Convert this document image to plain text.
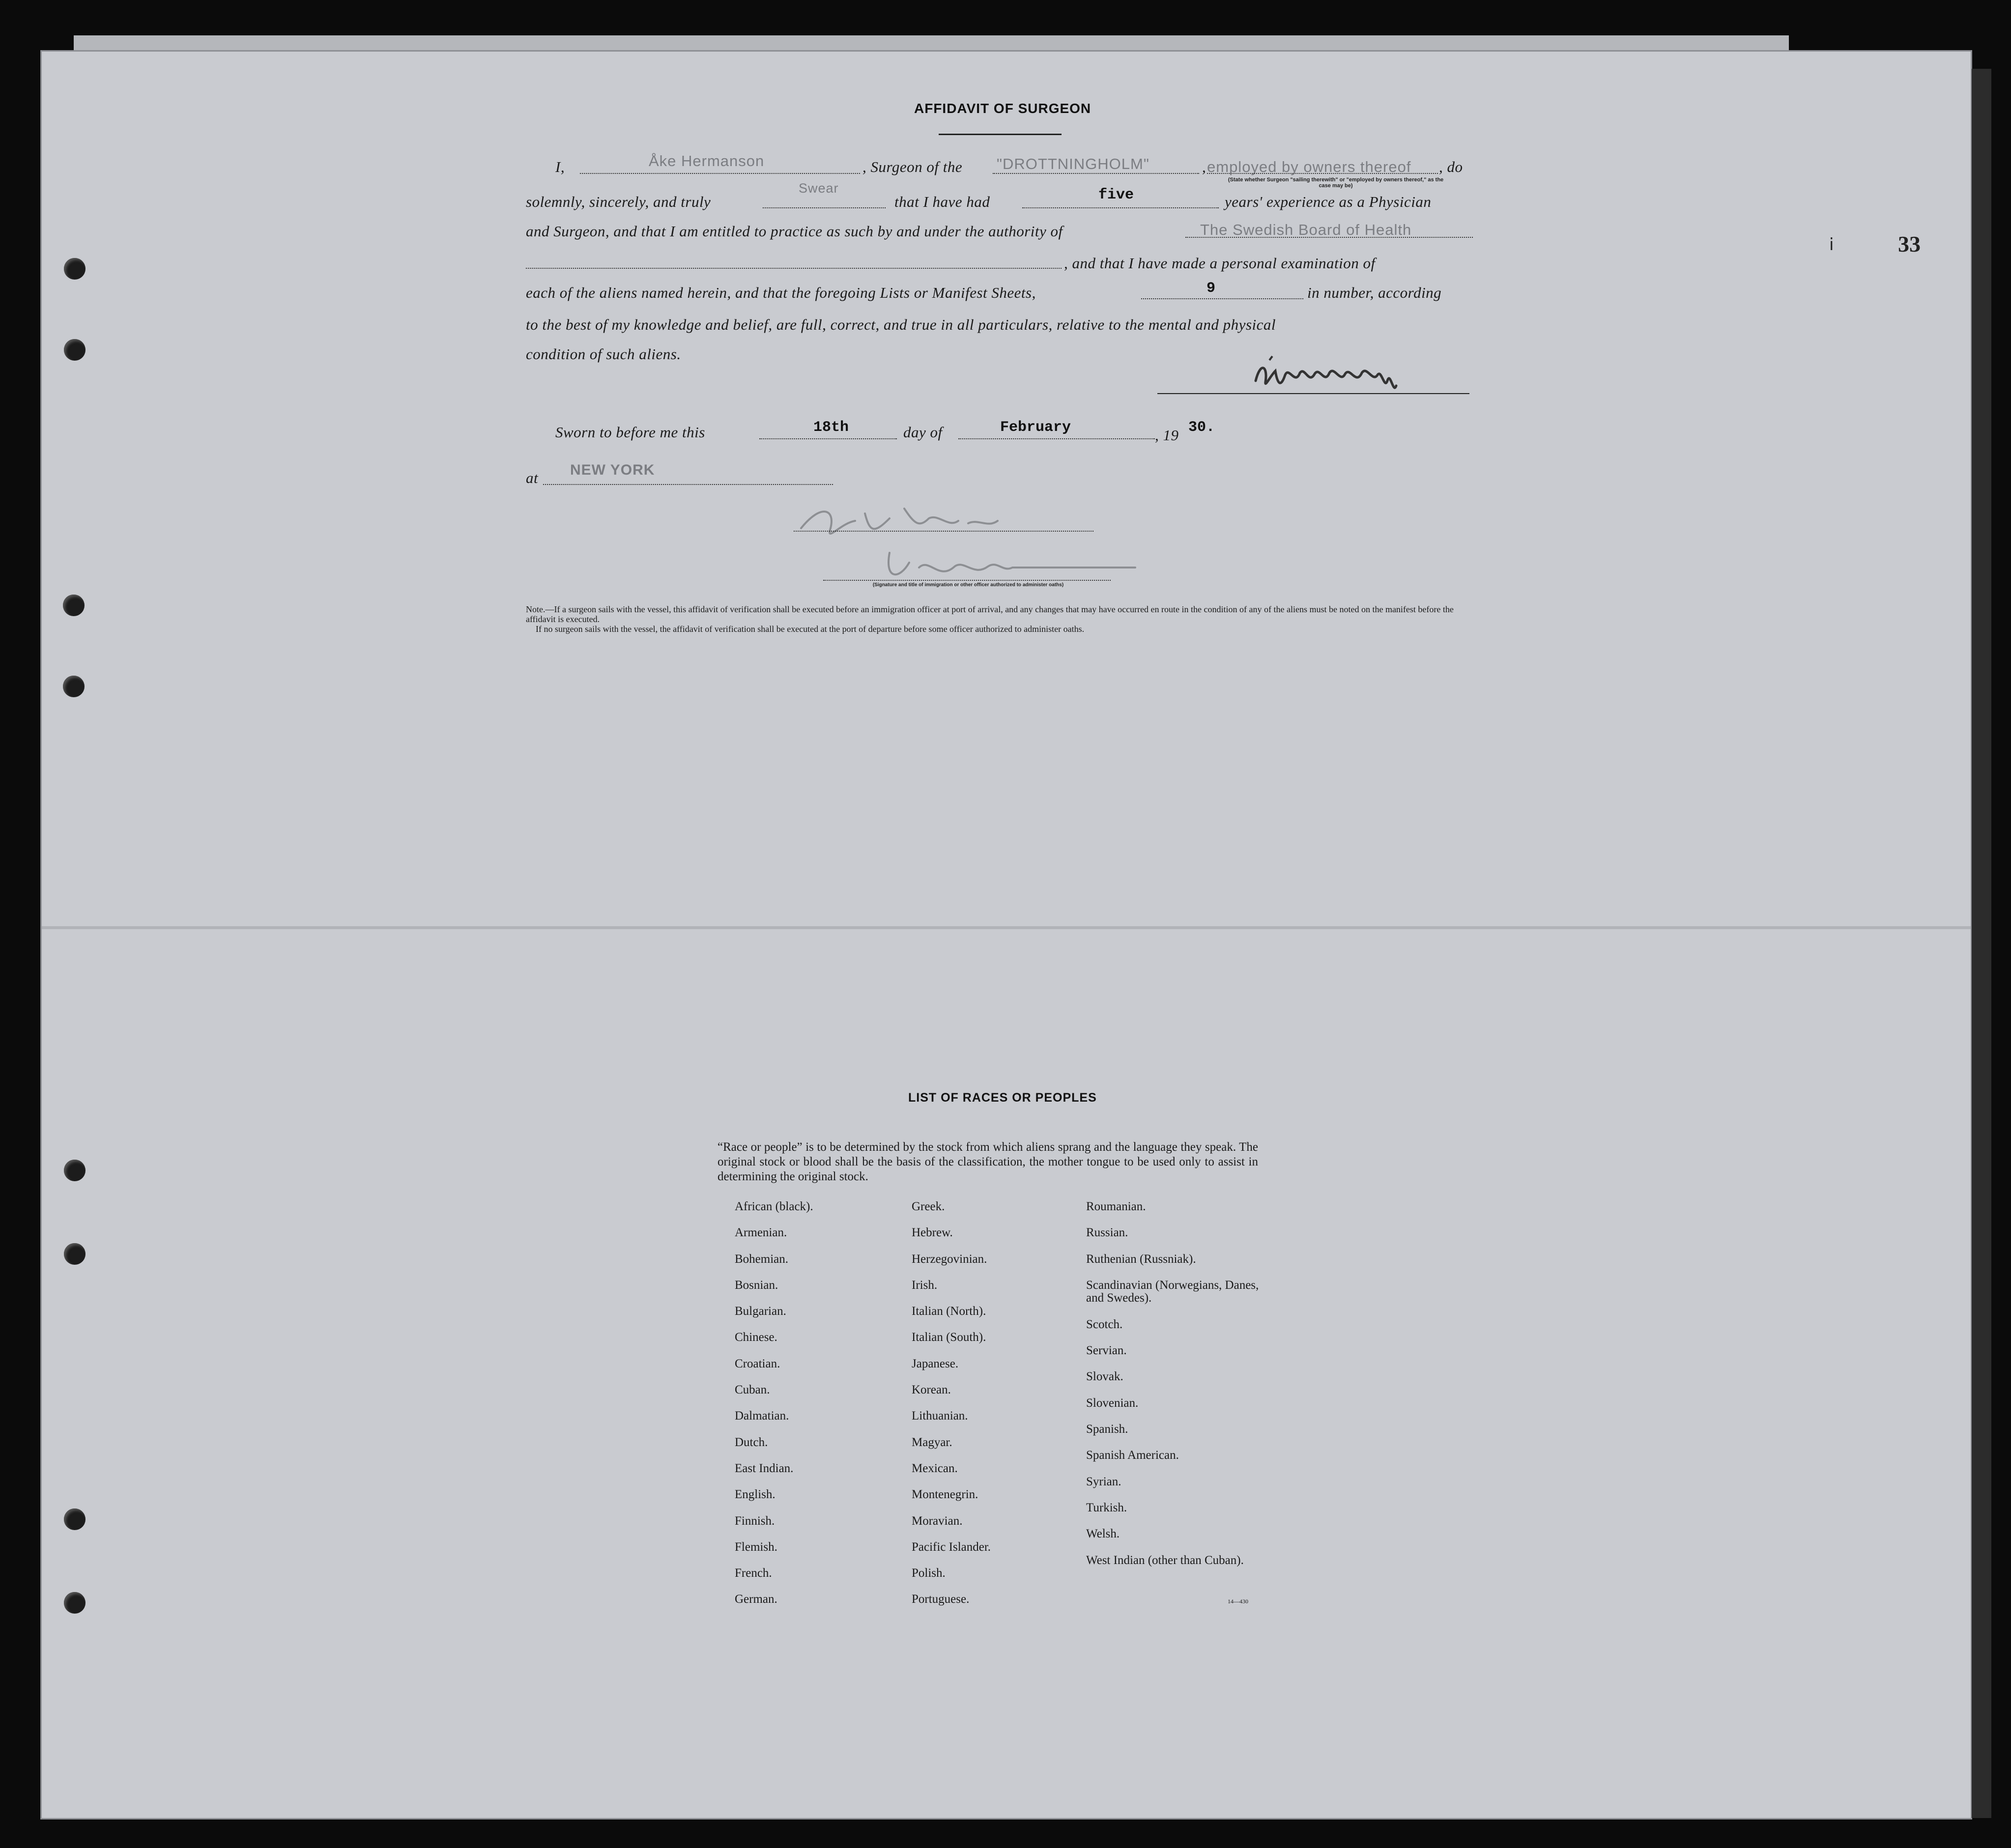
ⅰ	33
AFFIDAVIT OF SURGEON
I,	Åke Hermanson	, Surgeon of the "DROTTNINGHOLM"	, employed by owners thereof , do
(State whether Surgeon "sailing therewith" or "employed by owners thereof," as the case may be)
solemnly, sincerely, and truly
Swear
that I have had	five	years' experience as a Physician
and Surgeon, and that I am entitled to practice as such by and under the authority of	The Swedish Board of Health
, and that I have made a personal examination of
each of the aliens named herein, and that the foregoing Lists or Manifest Sheets,	9	in number, according
to the best of my knowledge and belief, are full, correct, and true in all particulars, relative to the mental and physical
condition of such aliens.
Sworn to before me this	18th	day of	February	, 19 30.
at NEW YORK
(Signature and title of immigration or other officer authorized to administer oaths)

Note.—If a surgeon sails with the vessel, this affidavit of verification shall be executed before an immigration officer at port of arrival, and any changes that may have occurred en route in the condition of any of the aliens must be noted on the manifest before the affidavit is executed.

If no surgeon sails with the vessel, the affidavit of verification shall be executed at the port of departure before some officer authorized to administer oaths.

LIST OF RACES OR PEOPLES
“Race or people” is to be determined by the stock from which aliens sprang and the language they speak. The original stock or blood shall be the basis of the classification, the mother tongue to be used only to assist in determining the original stock.
African (black).
Armenian.
Bohemian.
Bosnian.
Bulgarian.
Chinese.
Croatian.
Cuban.
Dalmatian.
Dutch.
East Indian.
English.
Finnish.
Flemish.
French.
German.
Greek.
Hebrew.
Herzegovinian.
Irish.
Italian (North).
Italian (South).
Japanese.
Korean.
Lithuanian.
Magyar.
Mexican.
Montenegrin.
Moravian.
Pacific Islander.
Polish.
Portuguese.
Roumanian.
Russian.
Ruthenian (Russniak).
Scandinavian (Norwegians, Danes, and Swedes).
Scotch.
Servian.
Slovak.
Slovenian.
Spanish.
Spanish American.
Syrian.
Turkish.
Welsh.
West Indian (other than Cuban).
14—430
